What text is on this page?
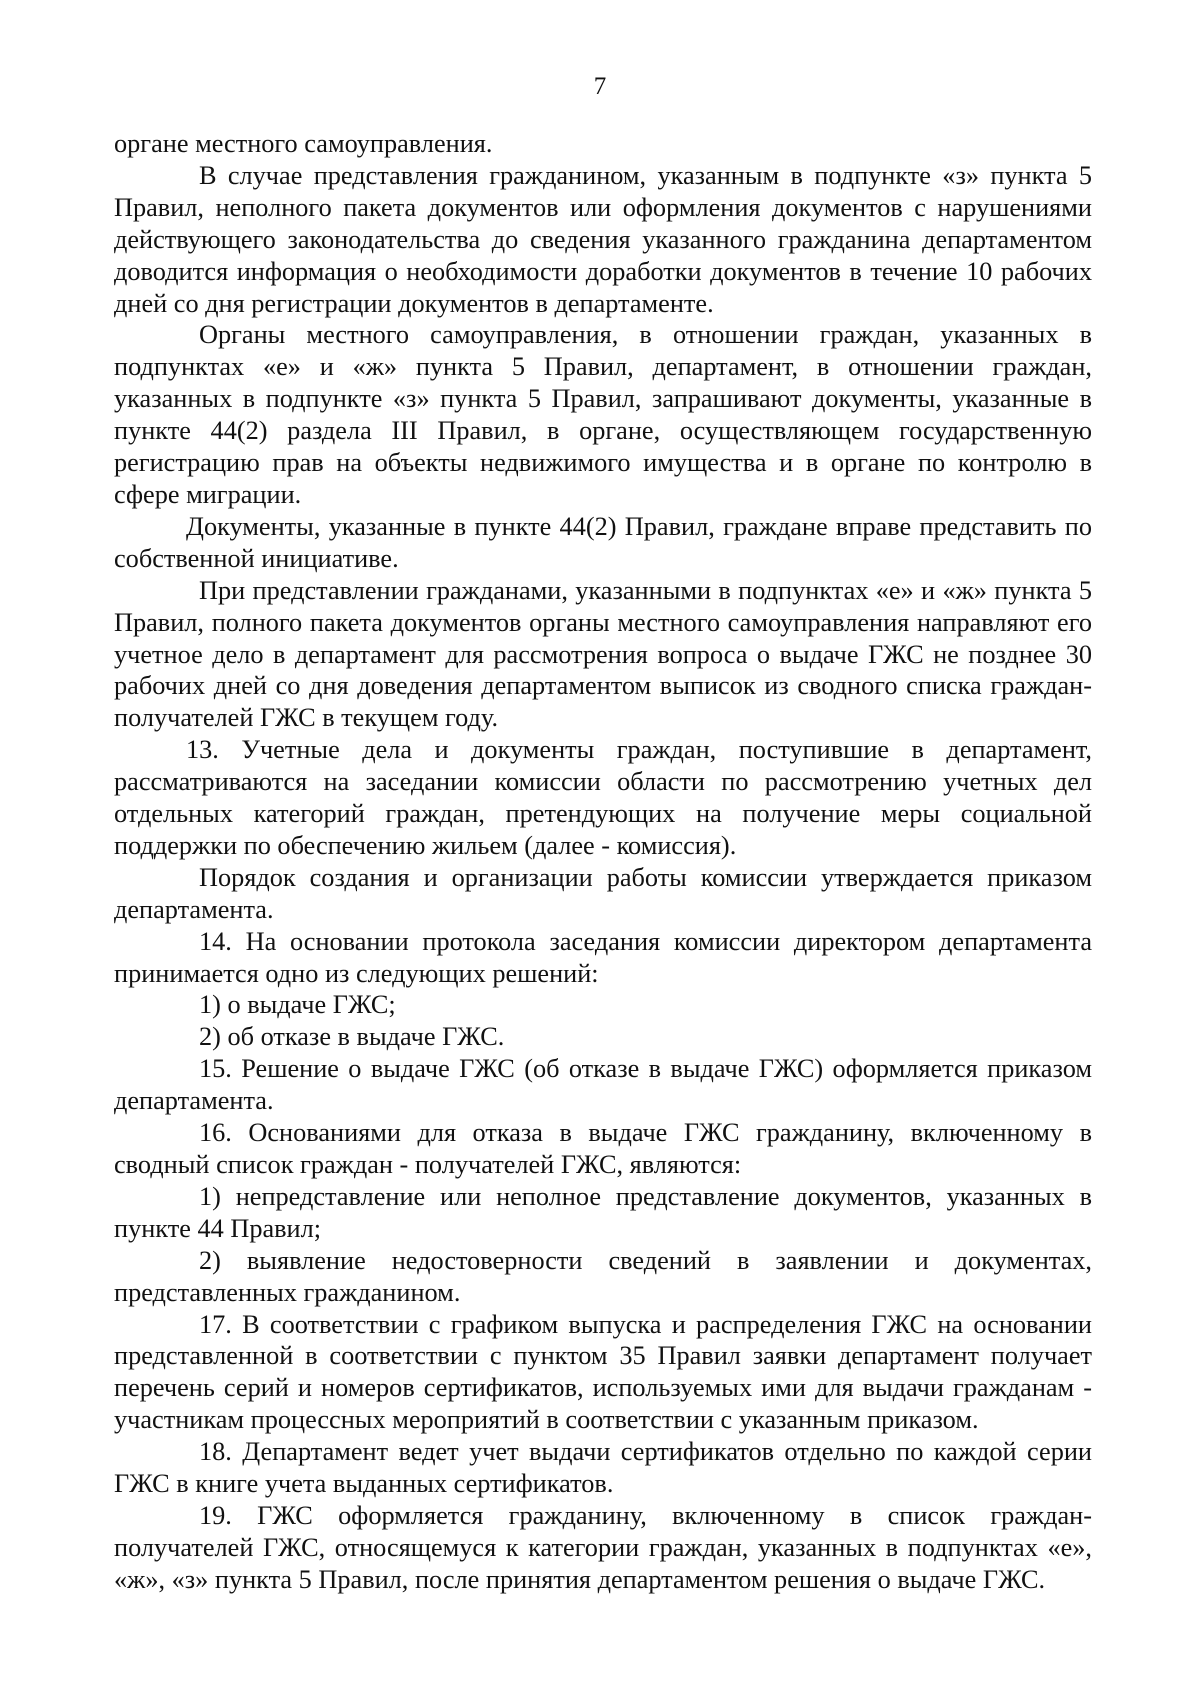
7

органе местного самоуправления.

В случае представления гражданином, указанным в подпункте «з» пункта 5 Правил, неполного пакета документов или оформления документов с нарушениями действующего законодательства до сведения указанного гражданина департаментом доводится информация о необходимости доработки документов в течение 10 рабочих дней со дня регистрации документов в департаменте.

Органы местного самоуправления, в отношении граждан, указанных в подпунктах «е» и «ж» пункта 5 Правил, департамент, в отношении граждан, указанных в подпункте «з» пункта 5 Правил, запрашивают документы, указанные в пункте 44(2) раздела III Правил, в органе, осуществляющем государственную регистрацию прав на объекты недвижимого имущества и в органе по контролю в сфере миграции.

Документы, указанные в пункте 44(2) Правил, граждане вправе представить по собственной инициативе.

При представлении гражданами, указанными в подпунктах «е» и «ж» пункта 5 Правил, полного пакета документов органы местного самоуправления направляют его учетное дело в департамент для рассмотрения вопроса о выдаче ГЖС не позднее 30 рабочих дней со дня доведения департаментом выписок из сводного списка граждан-получателей ГЖС в текущем году.

13. Учетные дела и документы граждан, поступившие в департамент, рассматриваются на заседании комиссии области по рассмотрению учетных дел отдельных категорий граждан, претендующих на получение меры социальной поддержки по обеспечению жильем (далее - комиссия).

Порядок создания и организации работы комиссии утверждается приказом департамента.

14. На основании протокола заседания комиссии директором департамента принимается одно из следующих решений:

1) о выдаче ГЖС;

2) об отказе в выдаче ГЖС.

15. Решение о выдаче ГЖС (об отказе в выдаче ГЖС) оформляется приказом департамента.

16. Основаниями для отказа в выдаче ГЖС гражданину, включенному в сводный список граждан - получателей ГЖС, являются:

1) непредставление или неполное представление документов, указанных в пункте 44 Правил;

2) выявление недостоверности сведений в заявлении и документах, представленных гражданином.

17. В соответствии с графиком выпуска и распределения ГЖС на основании представленной в соответствии с пунктом 35 Правил заявки департамент получает перечень серий и номеров сертификатов, используемых ими для выдачи гражданам - участникам процессных мероприятий в соответствии с указанным приказом.

18. Департамент ведет учет выдачи сертификатов отдельно по каждой серии ГЖС в книге учета выданных сертификатов.

19. ГЖС оформляется гражданину, включенному в список граждан-получателей ГЖС, относящемуся к категории граждан, указанных в подпунктах «е», «ж», «з» пункта 5 Правил, после принятия департаментом решения о выдаче ГЖС.
